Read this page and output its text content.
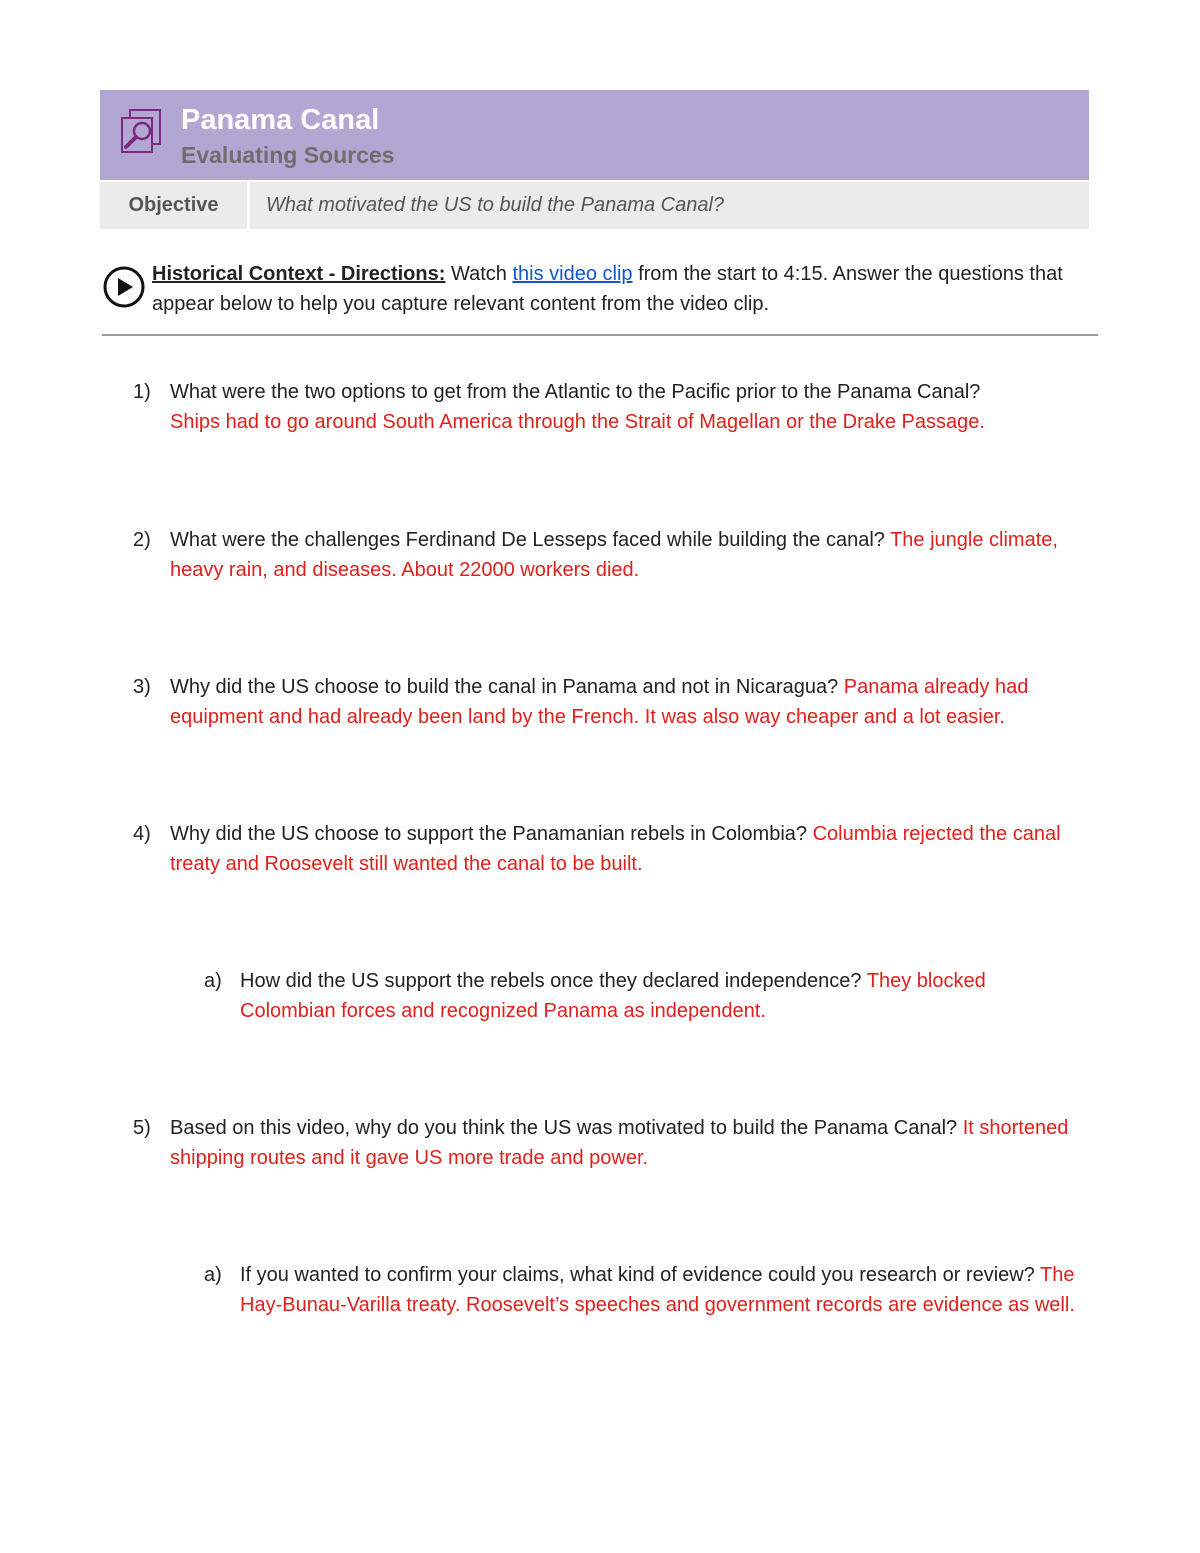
Panama Canal
Evaluating Sources
Objective	What motivated the US to build the Panama Canal?
Historical Context - Directions: Watch this video clip from the start to 4:15. Answer the questions that appear below to help you capture relevant content from the video clip.
1) What were the two options to get from the Atlantic to the Pacific prior to the Panama Canal?
Ships had to go around South America through the Strait of Magellan or the Drake Passage.
2) What were the challenges Ferdinand De Lesseps faced while building the canal? The jungle climate, heavy rain, and diseases. About 22000 workers died.
3) Why did the US choose to build the canal in Panama and not in Nicaragua? Panama already had equipment and had already been land by the French. It was also way cheaper and a lot easier.
4) Why did the US choose to support the Panamanian rebels in Colombia? Columbia rejected the canal treaty and Roosevelt still wanted the canal to be built.
a) How did the US support the rebels once they declared independence? They blocked Colombian forces and recognized Panama as independent.
5) Based on this video, why do you think the US was motivated to build the Panama Canal? It shortened shipping routes and it gave US more trade and power.
a) If you wanted to confirm your claims, what kind of evidence could you research or review? The Hay-Bunau-Varilla treaty. Roosevelt’s speeches and government records are evidence as well.
